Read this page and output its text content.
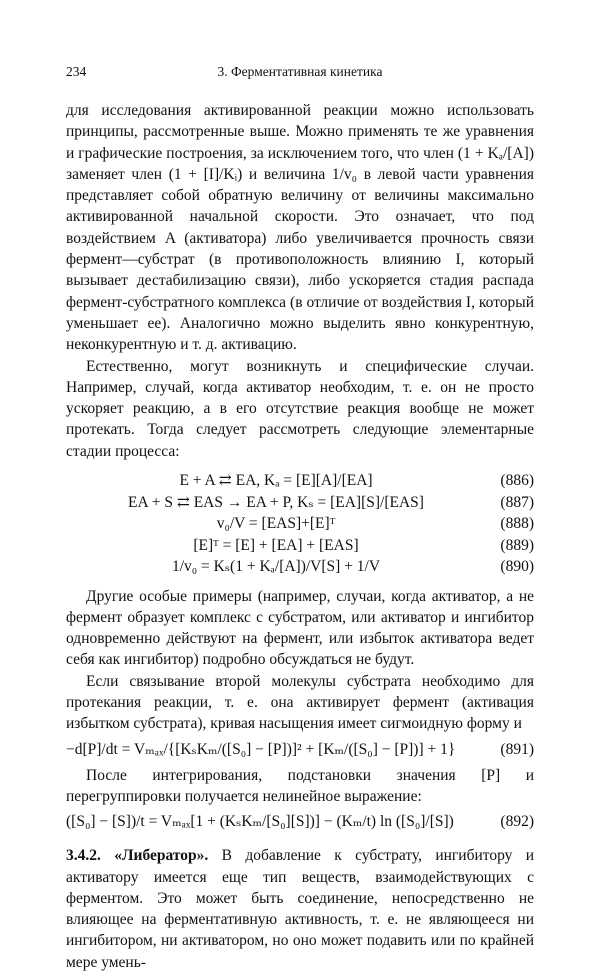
234	3. Ферментативная кинетика

для исследования активированной реакции можно использовать принципы, рассмотренные выше. Можно применять те же уравнения и графические построения, за исключением того, что член (1 + Kₐ/[A]) заменяет член (1 + [I]/Kᵢ) и величина 1/v₀ в левой части уравнения представляет собой обратную величину от величины максимально активированной начальной скорости. Это означает, что под воздействием A (активатора) либо увеличивается прочность связи фермент—субстрат (в противоположность влиянию I, который вызывает дестабилизацию связи), либо ускоряется стадия распада фермент-субстратного комплекса (в отличие от воздействия I, который уменьшает ее). Аналогично можно выделить явно конкурентную, неконкурентную и т. д. активацию.

Естественно, могут возникнуть и специфические случаи. Например, случай, когда активатор необходим, т. е. он не просто ускоряет реакцию, а в его отсутствие реакция вообще не может протекать. Тогда следует рассмотреть следующие элементарные стадии процесса:

E + A ⇄ EA, Kₐ = [E][A]/[EA]	(886)
EA + S ⇄ EAS → EA + P, Kₛ = [EA][S]/[EAS]	(887)
v₀/V = [EAS]+[E]ᵀ	(888)
[E]ᵀ = [E] + [EA] + [EAS]	(889)
1/v₀ = Kₛ(1 + Kₐ/[A])/V[S] + 1/V	(890)

Другие особые примеры (например, случаи, когда активатор, а не фермент образует комплекс с субстратом, или активатор и ингибитор одновременно действуют на фермент, или избыток активатора ведет себя как ингибитор) подробно обсуждаться не будут.

Если связывание второй молекулы субстрата необходимо для протекания реакции, т. е. она активирует фермент (активация избытком субстрата), кривая насыщения имеет сигмоидную форму и

−d[P]/dt = Vₘₐₓ/{[KₛKₘ/([S₀] − [P])]² + [Kₘ/([S₀] − [P])] + 1}	(891)

После интегрирования, подстановки значения [P] и перегруппировки получается нелинейное выражение:

([S₀] − [S])/t = Vₘₐₓ[1 + (KₛKₘ/[S₀][S])] − (Kₘ/t) ln ([S₀]/[S])	(892)

3.4.2. «Либератор». В добавление к субстрату, ингибитору и активатору имеется еще тип веществ, взаимодействующих с ферментом. Это может быть соединение, непосредственно не влияющее на ферментативную активность, т. е. не являющееся ни ингибитором, ни активатором, но оно может подавить или по крайней мере умень-
